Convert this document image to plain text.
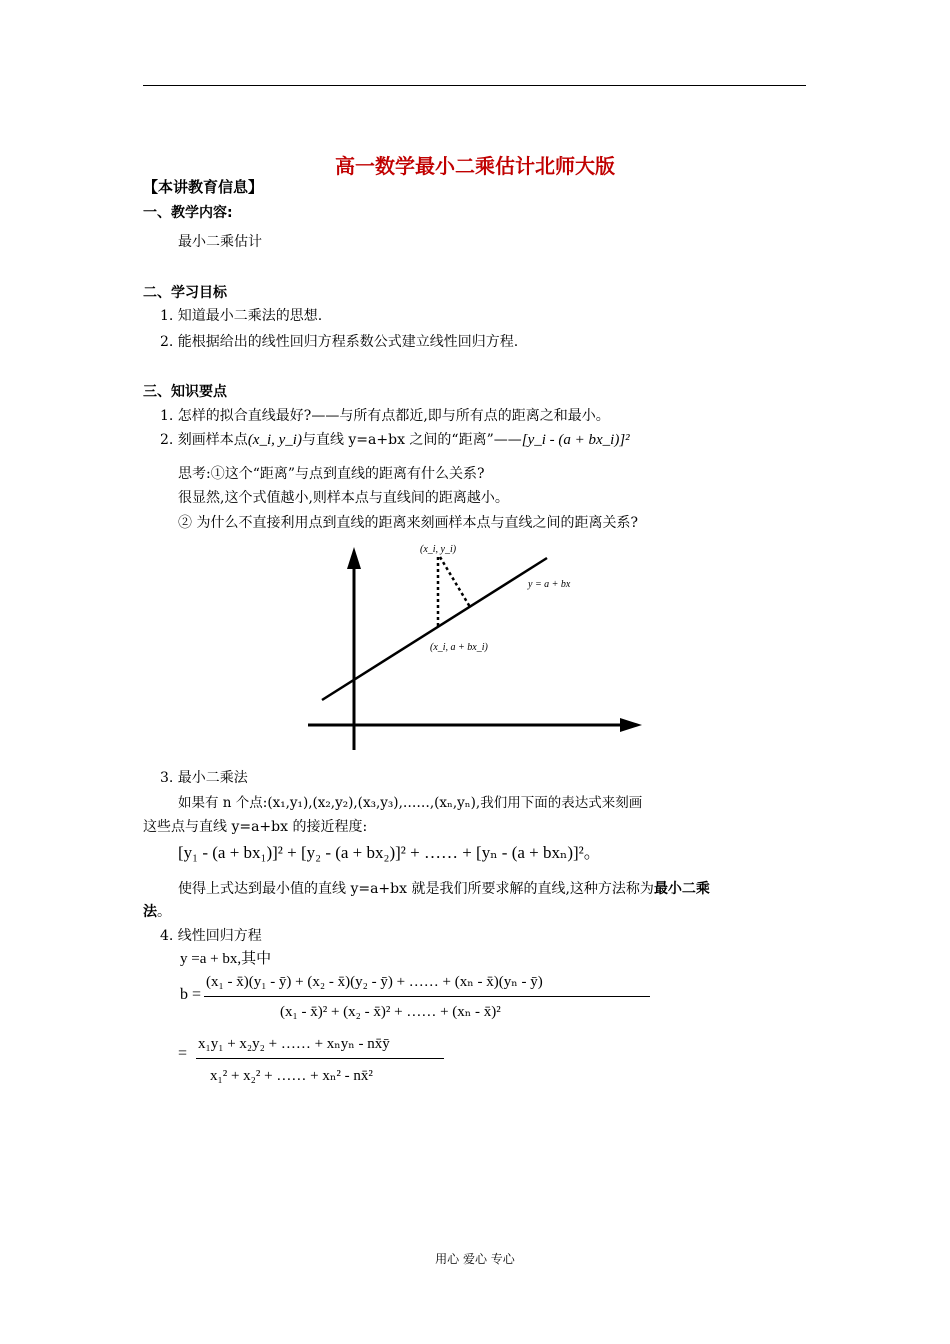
高一数学最小二乘估计北师大版
【本讲教育信息】
一、教学内容:
最小二乘估计
二、学习目标
1. 知道最小二乘法的思想.
2. 能根据给出的线性回归方程系数公式建立线性回归方程.
三、知识要点
1. 怎样的拟合直线最好?——与所有点都近,即与所有点的距离之和最小。
2. 刻画样本点(x_i, y_i)与直线 y=a+bx 之间的“距离”——[y_i - (a + bx_i)]²
思考:①这个“距离”与点到直线的距离有什么关系?
很显然,这个式值越小,则样本点与直线间的距离越小。
② 为什么不直接利用点到直线的距离来刻画样本点与直线之间的距离关系?
(x_i, y_i)
y = a + bx
(x_i, a + bx_i)
3. 最小二乘法
如果有 n 个点:(x₁,y₁),(x₂,y₂),(x₃,y₃),……,(xₙ,yₙ),我们用下面的表达式来刻画
这些点与直线 y=a+bx 的接近程度:
[y₁ - (a + bx₁)]² + [y₂ - (a + bx₂)]² + …… + [yₙ - (a + bxₙ)]²。
使得上式达到最小值的直线 y=a+bx 就是我们所要求解的直线,这种方法称为最小二乘
法。
4. 线性回归方程
y =a + bx,其中
b =
(x₁ - x̄)(y₁ - ȳ) + (x₂ - x̄)(y₂ - ȳ) + …… + (xₙ - x̄)(yₙ - ȳ)
(x₁ - x̄)² + (x₂ - x̄)² + …… + (xₙ - x̄)²
=
x₁y₁ + x₂y₂ + …… + xₙyₙ - nx̄ȳ
x₁² + x₂² + …… + xₙ² - nx̄²
用心 爱心 专心
